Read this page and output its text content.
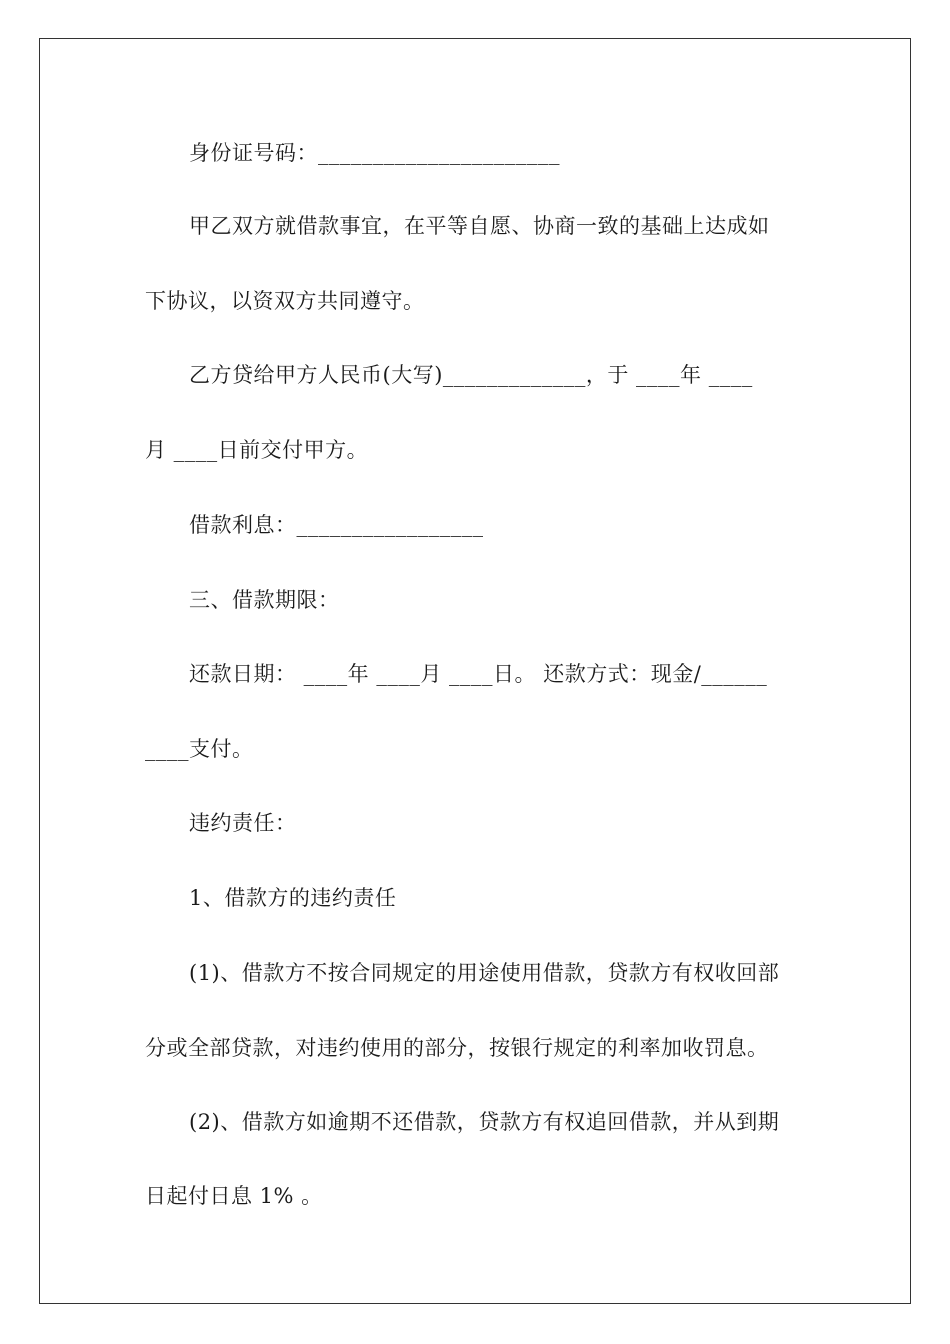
身份证号码：______________________
甲乙双方就借款事宜，在平等自愿、协商一致的基础上达成如
下协议，以资双方共同遵守。
乙方贷给甲方人民币(大写)_____________，于 ____年 ____
月 ____日前交付甲方。
借款利息：_________________
三、借款期限：
还款日期： ____年 ____月 ____日。 还款方式：现金/______
____支付。
违约责任：
1、借款方的违约责任
(1)、借款方不按合同规定的用途使用借款，贷款方有权收回部
分或全部贷款，对违约使用的部分，按银行规定的利率加收罚息。
(2)、借款方如逾期不还借款，贷款方有权追回借款，并从到期
日起付日息 1% 。
